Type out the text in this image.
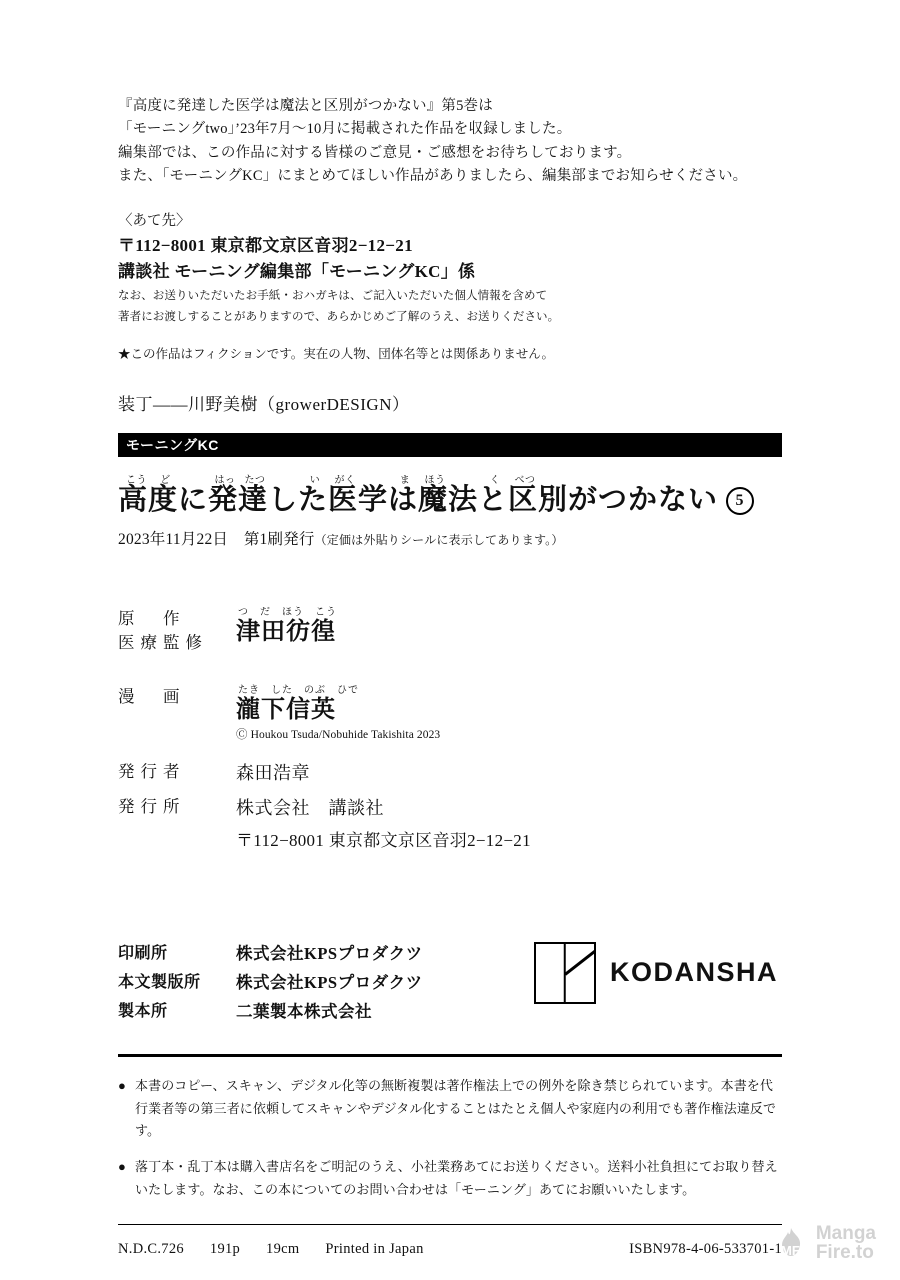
『高度に発達した医学は魔法と区別がつかない』第5巻は
「モーニングtwo」’23年7月〜10月に掲載された作品を収録しました。
編集部では、この作品に対する皆様のご意見・ご感想をお待ちしております。
また、「モーニングKC」にまとめてほしい作品がありましたら、編集部までお知らせください。
〈あて先〉
〒112−8001 東京都文京区音羽2−12−21
講談社 モーニング編集部「モーニングKC」係
なお、お送りいただいたお手紙・おハガキは、ご記入いただいた個人情報を含めて
著者にお渡しすることがありますので、あらかじめご了解のうえ、お送りください。
★この作品はフィクションです。実在の人物、団体名等とは関係ありません。
装丁——川野美樹（growerDESIGN）
モーニングKC
こう ど	はっ たつ	い がく	ま ほう	く べつ
高度に発達した医学は魔法と区別がつかない 5
2023年11月22日　第1刷発行（定価は外貼りシールに表示してあります。）
原　作
医療監修

つ　だ　ほう　こう
津田彷徨

漫　画	たき　した　のぶ　ひで
瀧下信英
Ⓒ Houkou Tsuda/Nobuhide Takishita 2023

発行者	森田浩章
発行所	株式会社　講談社
〒112−8001 東京都文京区音羽2−12−21
印刷所	株式会社KPSプロダクツ
本文製版所	株式会社KPSプロダクツ
製本所	二葉製本株式会社
KODANSHA
● 本書のコピー、スキャン、デジタル化等の無断複製は著作権法上での例外を除き禁じられています。本書を代行業者等の第三者に依頼してスキャンやデジタル化することはたとえ個人や家庭内の利用でも著作権法違反です。
● 落丁本・乱丁本は購入書店名をご明記のうえ、小社業務あてにお送りください。送料小社負担にてお取り替えいたします。なお、この本についてのお問い合わせは「モーニング」あてにお願いいたします。
N.D.C.726 191p 19cm Printed in Japan	ISBN978-4-06-533701-1
MF
Manga
Fire.to
